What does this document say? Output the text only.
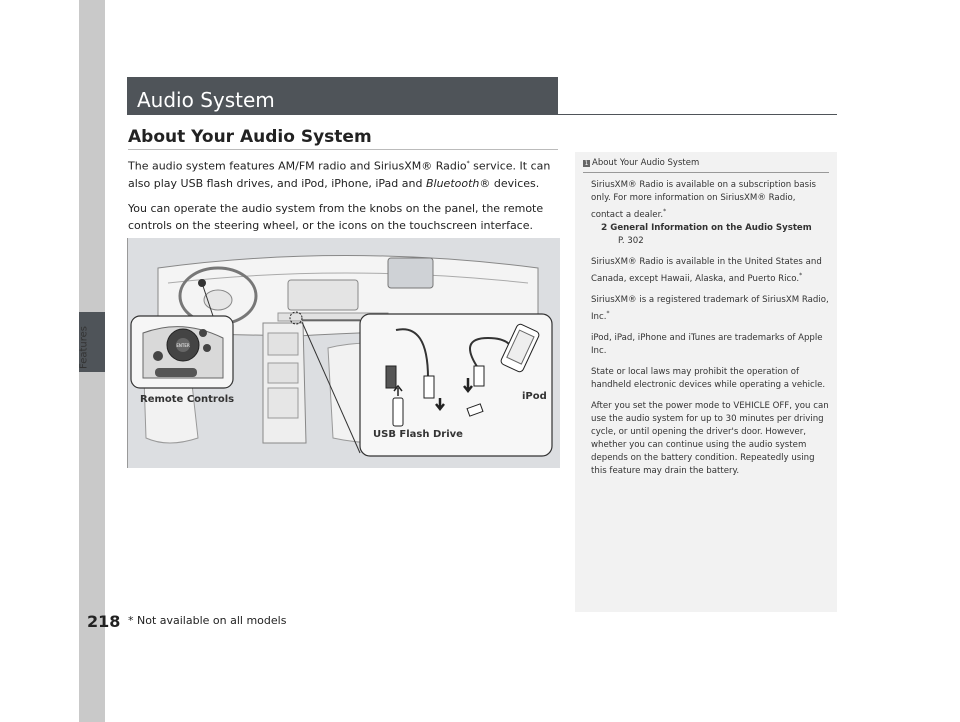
Features
218 * Not available on all models
Audio System
About Your Audio System
The audio system features AM/FM radio and SiriusXM® Radio* service. It can also play USB flash drives, and iPod, iPhone, iPad and Bluetooth® devices.
You can operate the audio system from the knobs on the panel, the remote controls on the steering wheel, or the icons on the touchscreen interface.
ENTER
Remote Controls	iPod
USB Flash Drive
1 About Your Audio System
SiriusXM® Radio is available on a subscription basis only. For more information on SiriusXM® Radio, contact a dealer.*
2 General Information on the Audio System
P. 302
SiriusXM® Radio is available in the United States and Canada, except Hawaii, Alaska, and Puerto Rico.*
SiriusXM® is a registered trademark of SiriusXM Radio, Inc.*
iPod, iPad, iPhone and iTunes are trademarks of Apple Inc.
State or local laws may prohibit the operation of handheld electronic devices while operating a vehicle.
After you set the power mode to VEHICLE OFF, you can use the audio system for up to 30 minutes per driving cycle, or until opening the driver's door. However, whether you can continue using the audio system depends on the battery condition. Repeatedly using this feature may drain the battery.
